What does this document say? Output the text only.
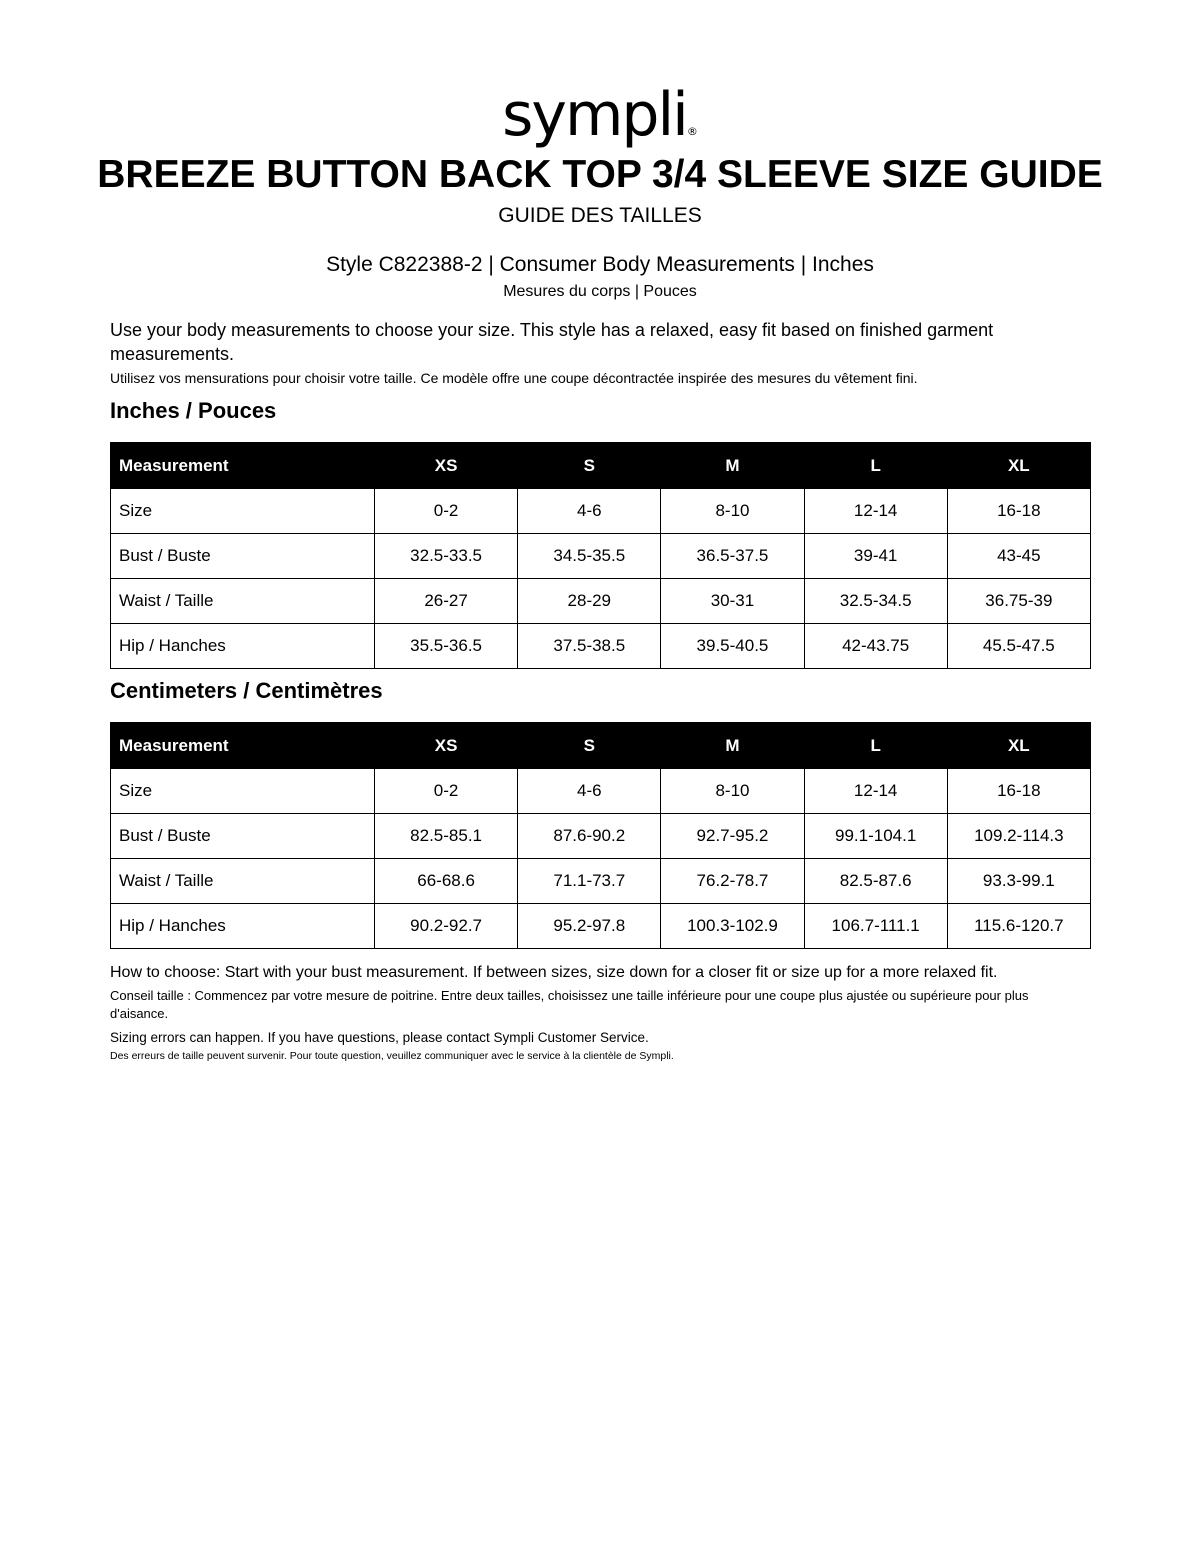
sympli®
BREEZE BUTTON BACK TOP 3/4 SLEEVE SIZE GUIDE
GUIDE DES TAILLES
Style C822388-2 | Consumer Body Measurements | Inches
Mesures du corps | Pouces
Use your body measurements to choose your size. This style has a relaxed, easy fit based on finished garment measurements.
Utilisez vos mensurations pour choisir votre taille. Ce modèle offre une coupe décontractée inspirée des mesures du vêtement fini.
Inches / Pouces
Measurement	XS	S	M	L	XL
Size	0-2	4-6	8-10	12-14	16-18
Bust / Buste	32.5-33.5	34.5-35.5	36.5-37.5	39-41	43-45
Waist / Taille	26-27	28-29	30-31	32.5-34.5	36.75-39
Hip / Hanches	35.5-36.5	37.5-38.5	39.5-40.5	42-43.75	45.5-47.5
Centimeters / Centimètres
Measurement	XS	S	M	L	XL
Size	0-2	4-6	8-10	12-14	16-18
Bust / Buste	82.5-85.1	87.6-90.2	92.7-95.2	99.1-104.1	109.2-114.3
Waist / Taille	66-68.6	71.1-73.7	76.2-78.7	82.5-87.6	93.3-99.1
Hip / Hanches	90.2-92.7	95.2-97.8	100.3-102.9	106.7-111.1	115.6-120.7
How to choose: Start with your bust measurement. If between sizes, size down for a closer fit or size up for a more relaxed fit.
Conseil taille : Commencez par votre mesure de poitrine. Entre deux tailles, choisissez une taille inférieure pour une coupe plus ajustée ou supérieure pour plus d'aisance.
Sizing errors can happen. If you have questions, please contact Sympli Customer Service.
Des erreurs de taille peuvent survenir. Pour toute question, veuillez communiquer avec le service à la clientèle de Sympli.
